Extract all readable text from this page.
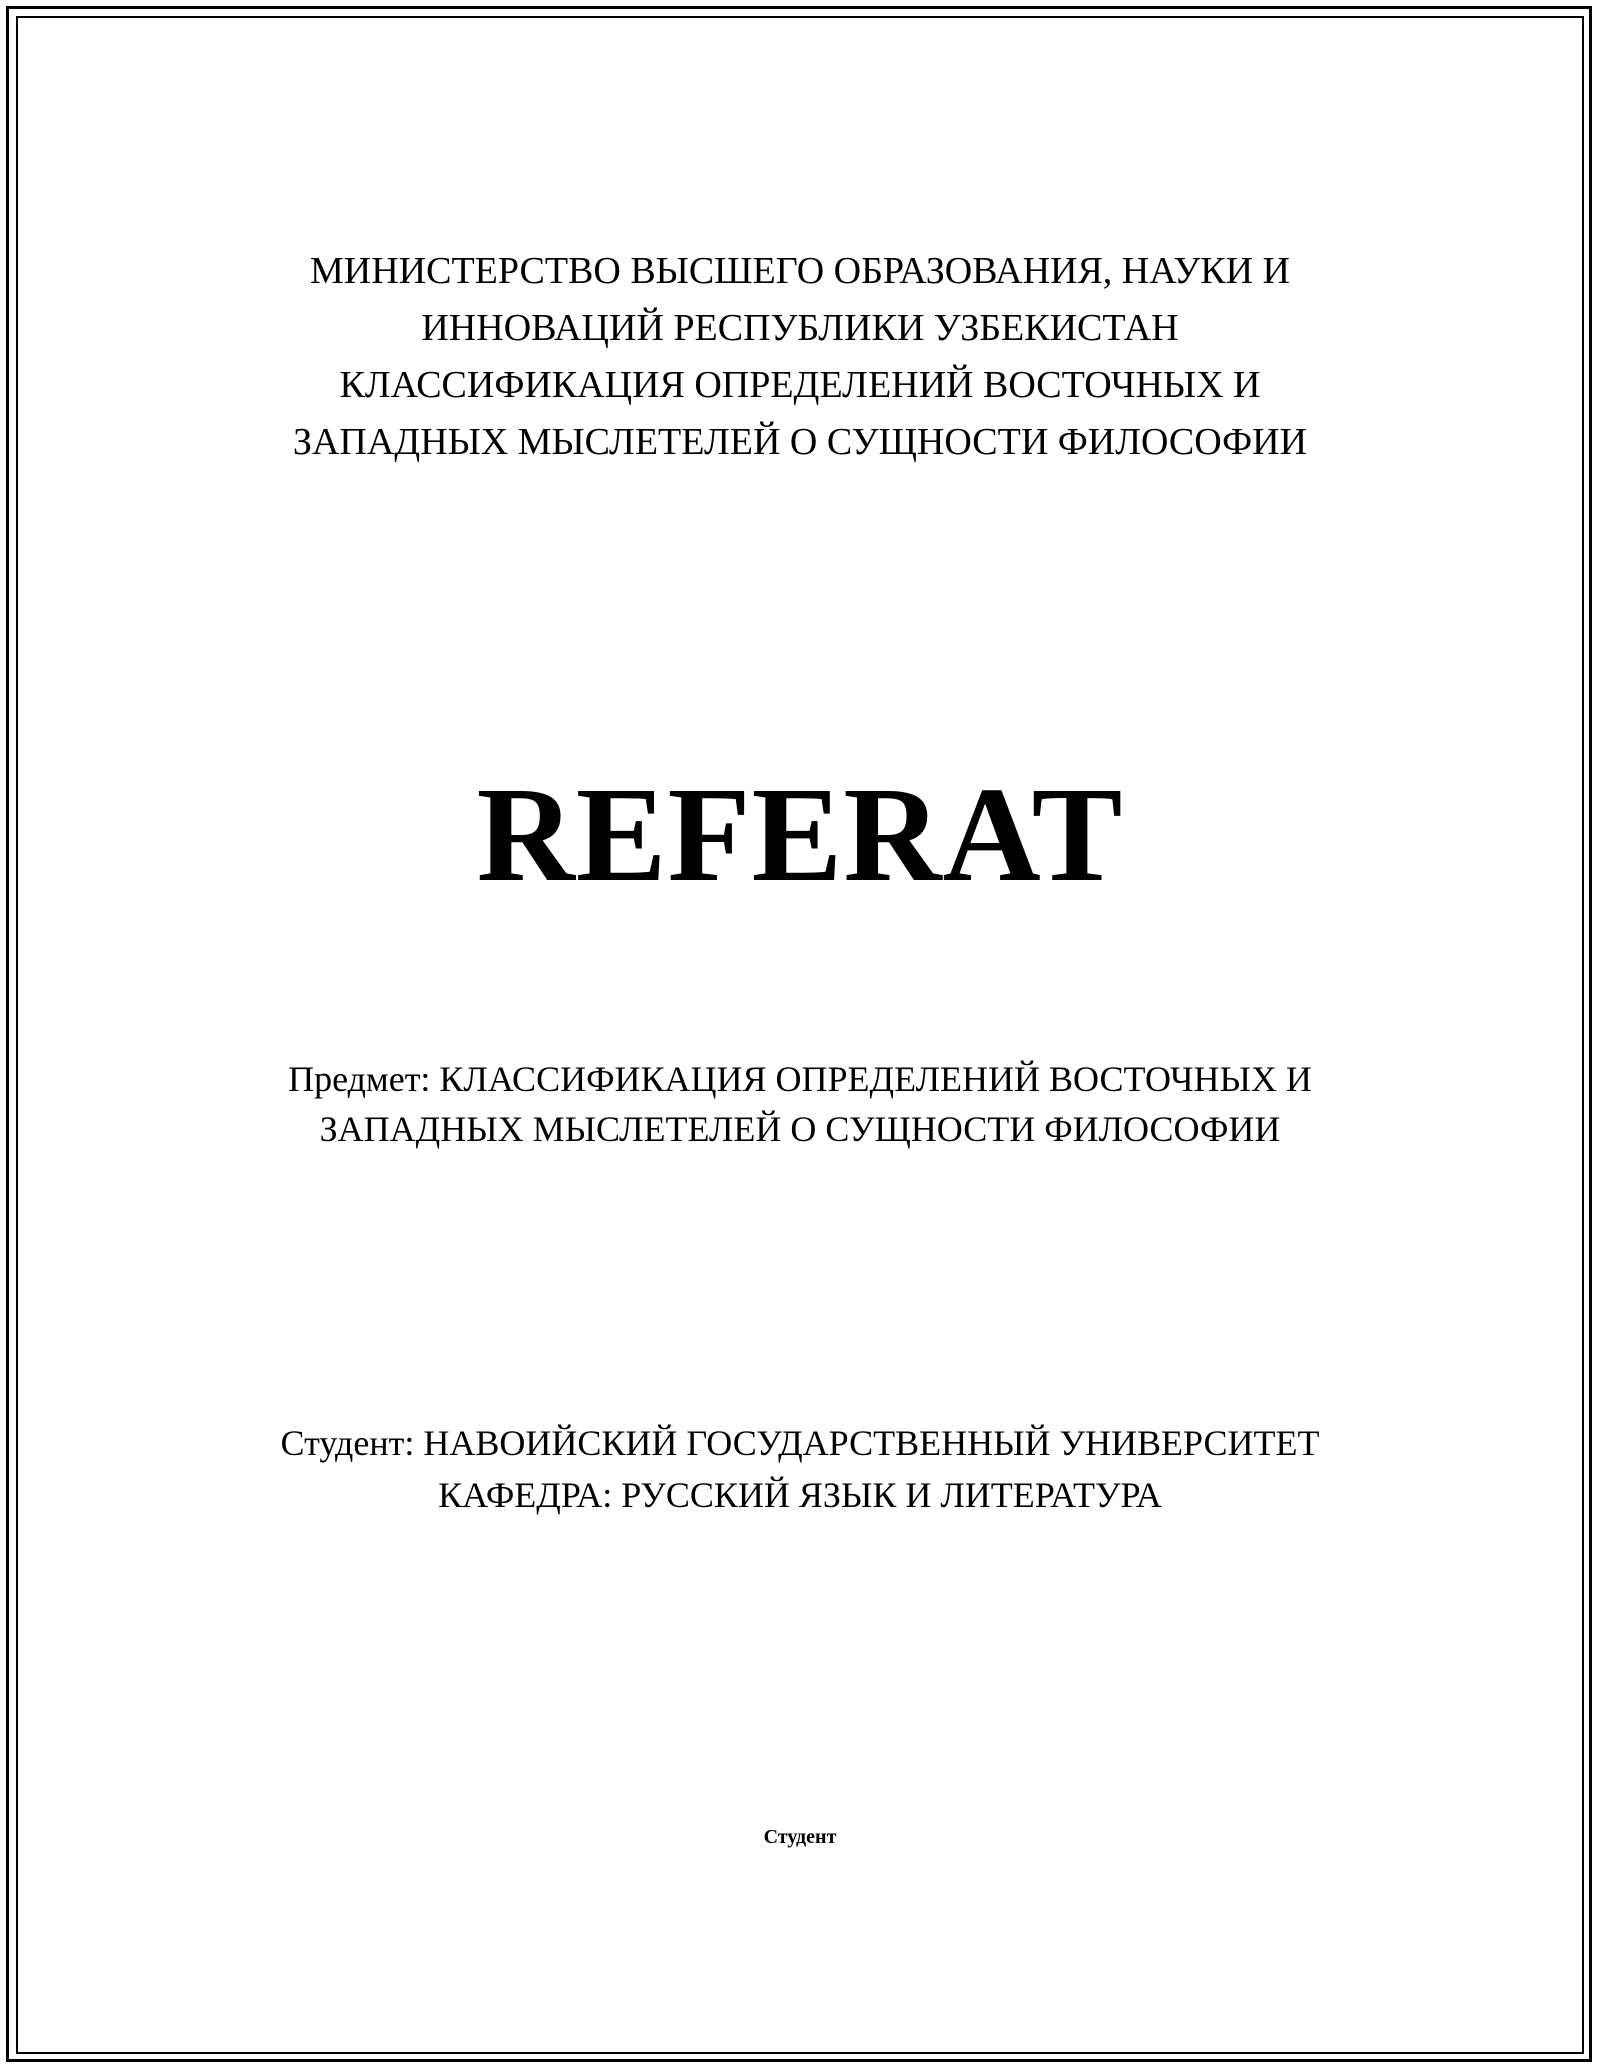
МИНИСТЕРСТВО ВЫСШЕГО ОБРАЗОВАНИЯ, НАУКИ И
ИННОВАЦИЙ РЕСПУБЛИКИ УЗБЕКИСТАН
КЛАССИФИКАЦИЯ ОПРЕДЕЛЕНИЙ ВОСТОЧНЫХ И
ЗАПАДНЫХ МЫСЛЕТЕЛЕЙ О СУЩНОСТИ ФИЛОСОФИИ
REFERAT
Предмет: КЛАССИФИКАЦИЯ ОПРЕДЕЛЕНИЙ ВОСТОЧНЫХ И
ЗАПАДНЫХ МЫСЛЕТЕЛЕЙ О СУЩНОСТИ ФИЛОСОФИИ
Студент: НАВОИЙСКИЙ ГОСУДАРСТВЕННЫЙ УНИВЕРСИТЕТ
КАФЕДРА: РУССКИЙ ЯЗЫК И ЛИТЕРАТУРА
Студент
